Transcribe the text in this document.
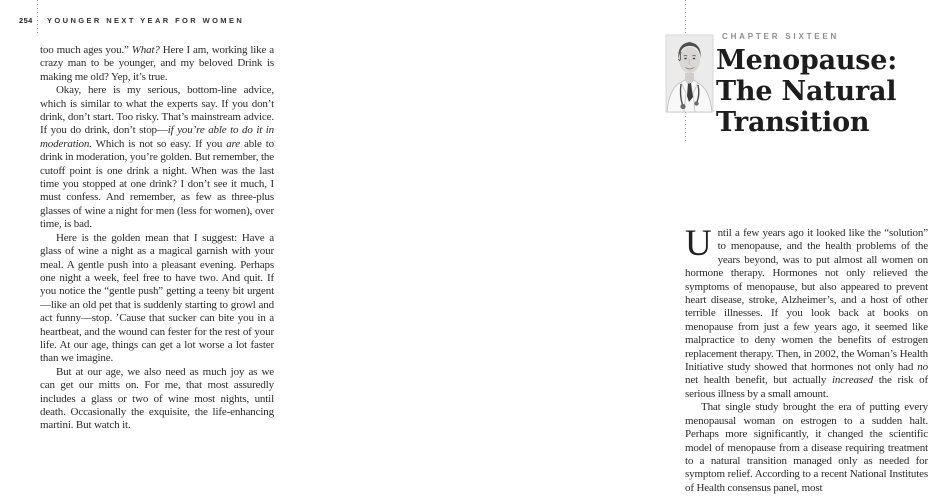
254 YOUNGER NEXT YEAR FOR WOMEN

too much ages you.” What? Here I am, working like a crazy man to be younger, and my beloved Drink is making me old? Yep, it’s true.

Okay, here is my serious, bottom-line advice, which is similar to what the experts say. If you don’t drink, don’t start. Too risky. That’s mainstream advice. If you do drink, don’t stop—if you’re able to do it in moderation. Which is not so easy. If you are able to drink in moderation, you’re golden. But remember, the cutoff point is one drink a night. When was the last time you stopped at one drink? I don’t see it much, I must confess. And remember, as few as three-plus glasses of wine a night for men (less for women), over time, is bad.

Here is the golden mean that I suggest: Have a glass of wine a night as a magical garnish with your meal. A gentle push into a pleasant evening. Perhaps one night a week, feel free to have two. And quit. If you notice the “gentle push” getting a teeny bit urgent—like an old pet that is suddenly starting to growl and act funny—stop. ’Cause that sucker can bite you in a heartbeat, and the wound can fester for the rest of your life. At our age, things can get a lot worse a lot faster than we imagine.

But at our age, we also need as much joy as we can get our mitts on. For me, that most assuredly includes a glass or two of wine most nights, until death. Occasionally the exquisite, the life-enhancing martini. But watch it.

CHAPTER SIXTEEN
Menopause:
The Natural
Transition

Until a few years ago it looked like the “solution” to menopause, and the health problems of the years beyond, was to put almost all women on hormone therapy. Hormones not only relieved the symptoms of menopause, but also appeared to prevent heart disease, stroke, Alzheimer’s, and a host of other terrible illnesses. If you look back at books on menopause from just a few years ago, it seemed like malpractice to deny women the benefits of estrogen replacement therapy. Then, in 2002, the Woman’s Health Initiative study showed that hormones not only had no net health benefit, but actually increased the risk of serious illness by a small amount.

That single study brought the era of putting every menopausal woman on estrogen to a sudden halt. Perhaps more significantly, it changed the scientific model of menopause from a disease requiring treatment to a natural transition managed only as needed for symptom relief. According to a recent National Institutes of Health consensus panel, most
